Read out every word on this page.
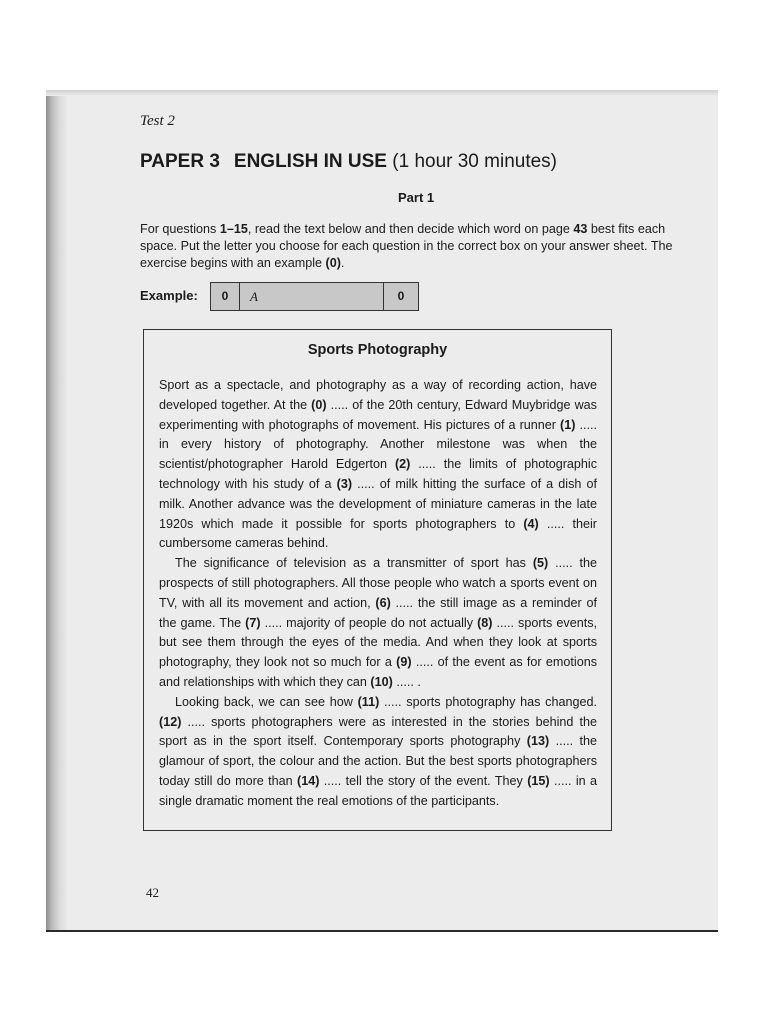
Test 2
PAPER 3 ENGLISH IN USE (1 hour 30 minutes)
Part 1
For questions 1–15, read the text below and then decide which word on page 43 best fits each space. Put the letter you choose for each question in the correct box on your answer sheet. The exercise begins with an example (0).
Example:	0	A	0
Sports Photography

Sport as a spectacle, and photography as a way of recording action, have developed together. At the (0) ..... of the 20th century, Edward Muybridge was experimenting with photographs of movement. His pictures of a runner (1) ..... in every history of photography. Another milestone was when the scientist/photographer Harold Edgerton (2) ..... the limits of photographic technology with his study of a (3) ..... of milk hitting the surface of a dish of milk. Another advance was the development of miniature cameras in the late 1920s which made it possible for sports photographers to (4) ..... their cumbersome cameras behind.

The significance of television as a transmitter of sport has (5) ..... the prospects of still photographers. All those people who watch a sports event on TV, with all its movement and action, (6) ..... the still image as a reminder of the game. The (7) ..... majority of people do not actually (8) ..... sports events, but see them through the eyes of the media. And when they look at sports photography, they look not so much for a (9) ..... of the event as for emotions and relationships with which they can (10) ..... .

Looking back, we can see how (11) ..... sports photography has changed. (12) ..... sports photographers were as interested in the stories behind the sport as in the sport itself. Contemporary sports photography (13) ..... the glamour of sport, the colour and the action. But the best sports photographers today still do more than (14) ..... tell the story of the event. They (15) ..... in a single dramatic moment the real emotions of the participants.

42
